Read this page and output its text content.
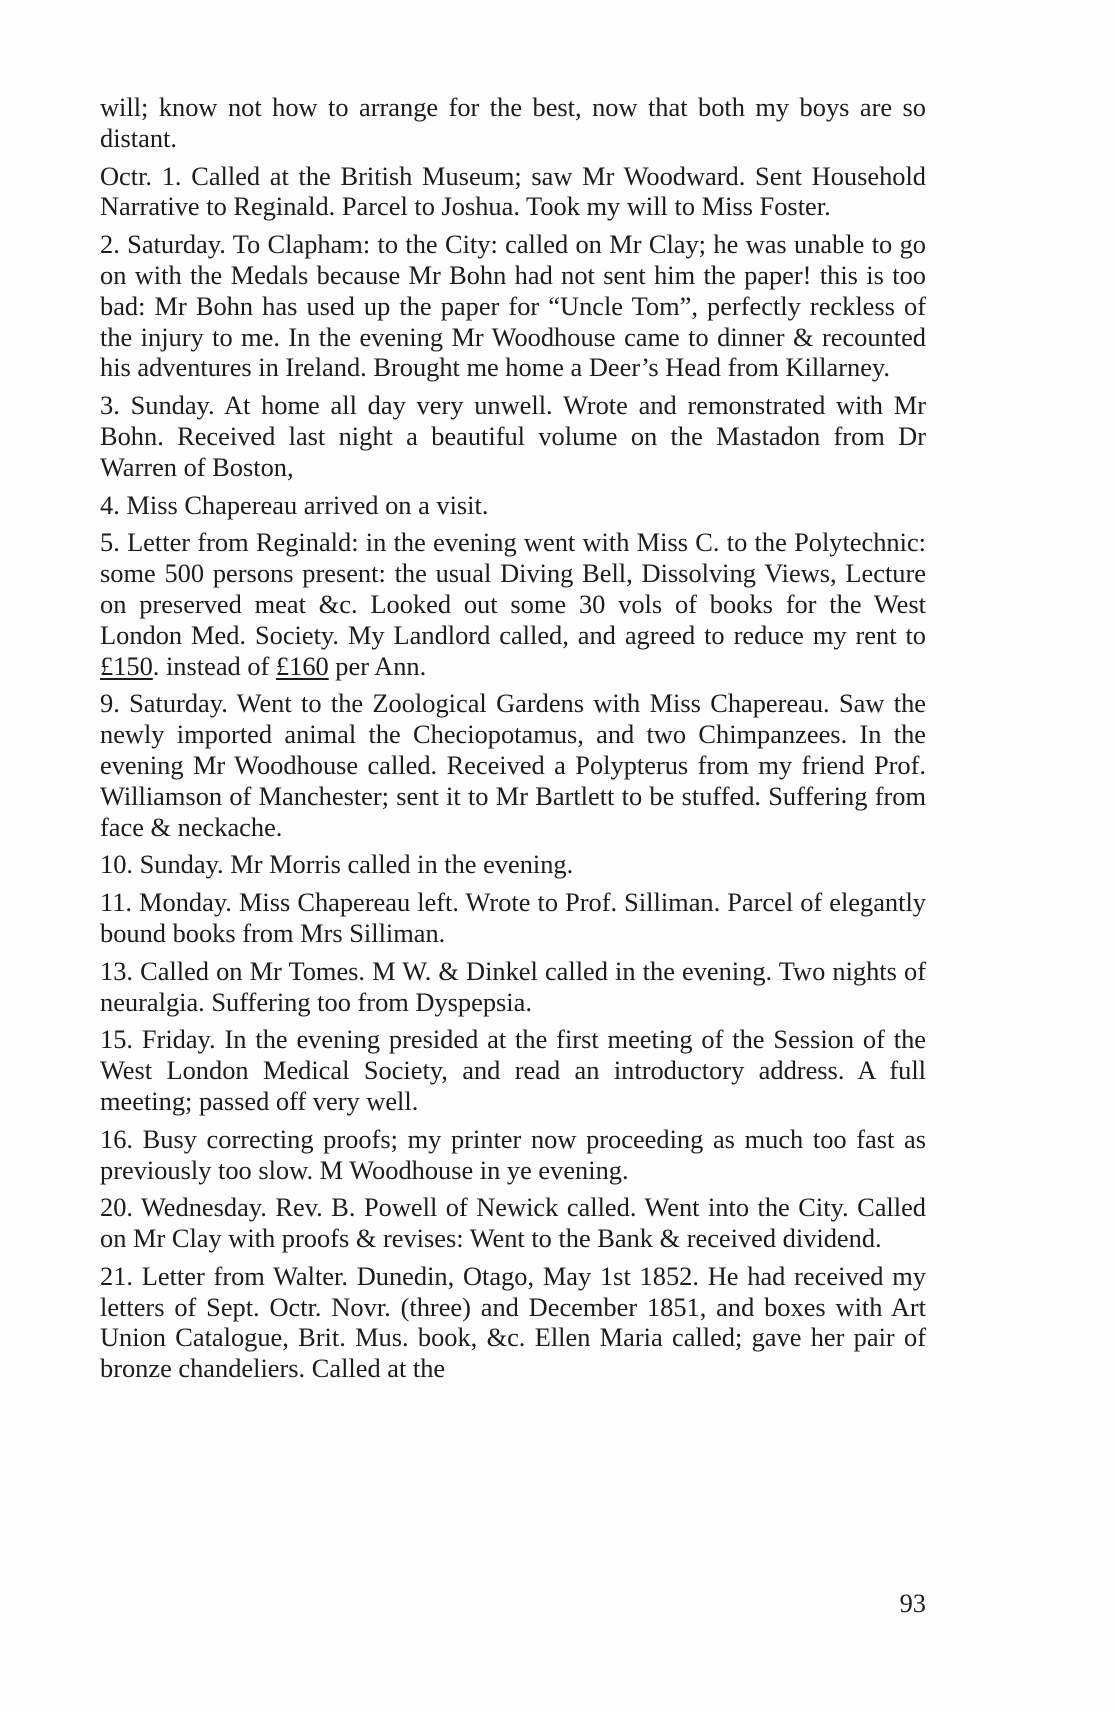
will; know not how to arrange for the best, now that both my boys are so distant.

Octr. 1. Called at the British Museum; saw Mr Woodward. Sent Household Narrative to Reginald. Parcel to Joshua. Took my will to Miss Foster.

2. Saturday. To Clapham: to the City: called on Mr Clay; he was unable to go on with the Medals because Mr Bohn had not sent him the paper! this is too bad: Mr Bohn has used up the paper for “Uncle Tom”, perfectly reckless of the injury to me. In the evening Mr Woodhouse came to dinner & recounted his adventures in Ireland. Brought me home a Deer’s Head from Killarney.

3. Sunday. At home all day very unwell. Wrote and remonstrated with Mr Bohn. Received last night a beautiful volume on the Mastadon from Dr Warren of Boston,

4. Miss Chapereau arrived on a visit.

5. Letter from Reginald: in the evening went with Miss C. to the Polytechnic: some 500 persons present: the usual Diving Bell, Dissolving Views, Lecture on preserved meat &c. Looked out some 30 vols of books for the West London Med. Society. My Landlord called, and agreed to reduce my rent to £150. instead of £160 per Ann.

9. Saturday. Went to the Zoological Gardens with Miss Chapereau. Saw the newly imported animal the Checiopotamus, and two Chimpanzees. In the evening Mr Woodhouse called. Received a Polypterus from my friend Prof. Williamson of Manchester; sent it to Mr Bartlett to be stuffed. Suffering from face & neckache.

10. Sunday. Mr Morris called in the evening.

11. Monday. Miss Chapereau left. Wrote to Prof. Silliman. Parcel of elegantly bound books from Mrs Silliman.

13. Called on Mr Tomes. M W. & Dinkel called in the evening. Two nights of neuralgia. Suffering too from Dyspepsia.

15. Friday. In the evening presided at the first meeting of the Session of the West London Medical Society, and read an introductory address. A full meeting; passed off very well.

16. Busy correcting proofs; my printer now proceeding as much too fast as previously too slow. M Woodhouse in ye evening.

20. Wednesday. Rev. B. Powell of Newick called. Went into the City. Called on Mr Clay with proofs & revises: Went to the Bank & received dividend.

21. Letter from Walter. Dunedin, Otago, May 1st 1852. He had received my letters of Sept. Octr. Novr. (three) and December 1851, and boxes with Art Union Catalogue, Brit. Mus. book, &c. Ellen Maria called; gave her pair of bronze chandeliers. Called at the

93
